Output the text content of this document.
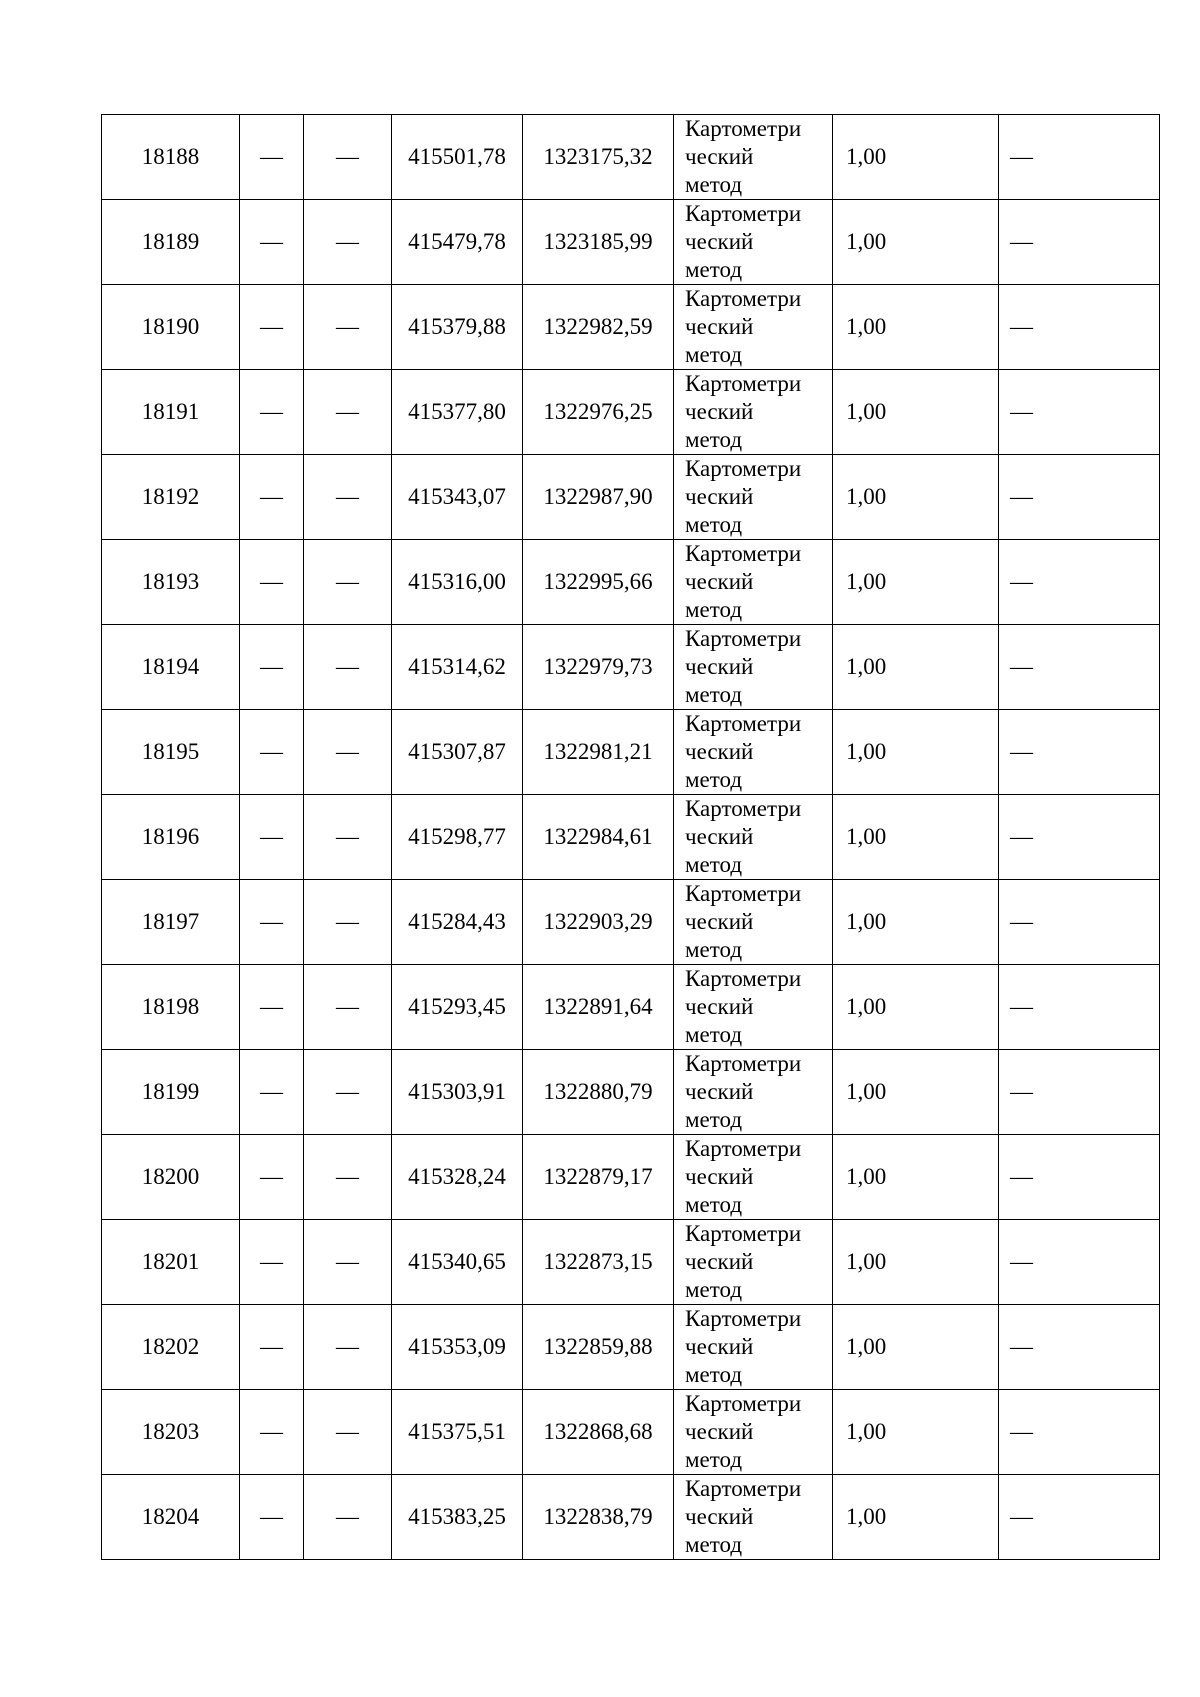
18188	—	—	415501,78	1323175,32	Картометри
ческий
метод	1,00	—
18189	—	—	415479,78	1323185,99	Картометри
ческий
метод	1,00	—
18190	—	—	415379,88	1322982,59	Картометри
ческий
метод	1,00	—
18191	—	—	415377,80	1322976,25	Картометри
ческий
метод	1,00	—
18192	—	—	415343,07	1322987,90	Картометри
ческий
метод	1,00	—
18193	—	—	415316,00	1322995,66	Картометри
ческий
метод	1,00	—
18194	—	—	415314,62	1322979,73	Картометри
ческий
метод	1,00	—
18195	—	—	415307,87	1322981,21	Картометри
ческий
метод	1,00	—
18196	—	—	415298,77	1322984,61	Картометри
ческий
метод	1,00	—
18197	—	—	415284,43	1322903,29	Картометри
ческий
метод	1,00	—
18198	—	—	415293,45	1322891,64	Картометри
ческий
метод	1,00	—
18199	—	—	415303,91	1322880,79	Картометри
ческий
метод	1,00	—
18200	—	—	415328,24	1322879,17	Картометри
ческий
метод	1,00	—
18201	—	—	415340,65	1322873,15	Картометри
ческий
метод	1,00	—
18202	—	—	415353,09	1322859,88	Картометри
ческий
метод	1,00	—
18203	—	—	415375,51	1322868,68	Картометри
ческий
метод	1,00	—
18204	—	—	415383,25	1322838,79	Картометри
ческий
метод	1,00	—
